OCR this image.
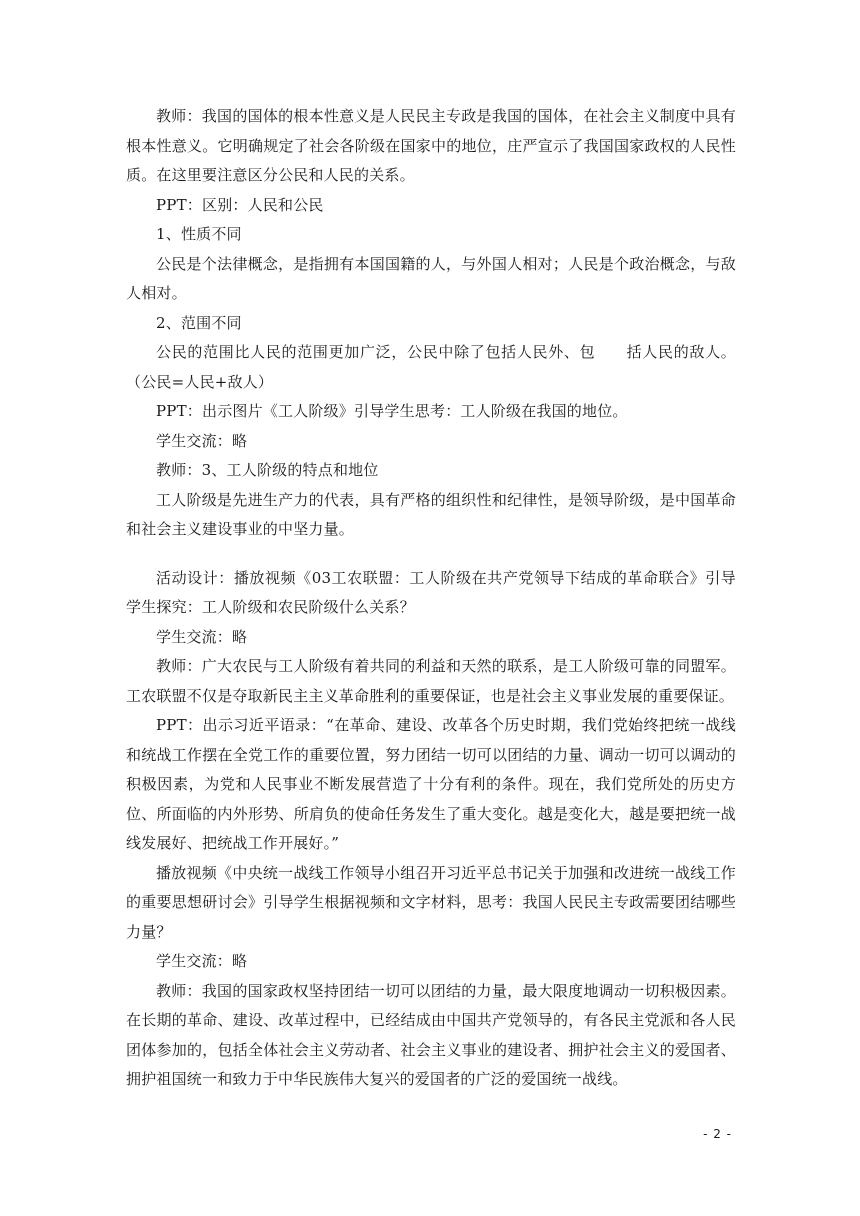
教师：我国的国体的根本性意义是人民民主专政是我国的国体，在社会主义制度中具有根本性意义。它明确规定了社会各阶级在国家中的地位，庄严宣示了我国国家政权的人民性质。在这里要注意区分公民和人民的关系。

PPT：区别：人民和公民

1、性质不同

公民是个法律概念，是指拥有本国国籍的人，与外国人相对；人民是个政治概念，与敌人相对。

2、范围不同

公民的范围比人民的范围更加广泛，公民中除了包括人民外、包　　括人民的敌人。（公民=人民+敌人）

PPT：出示图片《工人阶级》引导学生思考：工人阶级在我国的地位。

学生交流：略

教师：3、工人阶级的特点和地位

工人阶级是先进生产力的代表，具有严格的组织性和纪律性，是领导阶级，是中国革命和社会主义建设事业的中坚力量。

活动设计：播放视频《03工农联盟：工人阶级在共产党领导下结成的革命联合》引导学生探究：工人阶级和农民阶级什么关系？

学生交流：略

教师：广大农民与工人阶级有着共同的利益和天然的联系，是工人阶级可靠的同盟军。工农联盟不仅是夺取新民主主义革命胜利的重要保证，也是社会主义事业发展的重要保证。

PPT：出示习近平语录：“在革命、建设、改革各个历史时期，我们党始终把统一战线和统战工作摆在全党工作的重要位置，努力团结一切可以团结的力量、调动一切可以调动的积极因素，为党和人民事业不断发展营造了十分有利的条件。现在，我们党所处的历史方位、所面临的内外形势、所肩负的使命任务发生了重大变化。越是变化大，越是要把统一战线发展好、把统战工作开展好。”

播放视频《中央统一战线工作领导小组召开习近平总书记关于加强和改进统一战线工作的重要思想研讨会》引导学生根据视频和文字材料，思考：我国人民民主专政需要团结哪些力量？

学生交流：略

教师：我国的国家政权坚持团结一切可以团结的力量，最大限度地调动一切积极因素。在长期的革命、建设、改革过程中，已经结成由中国共产党领导的，有各民主党派和各人民团体参加的，包括全体社会主义劳动者、社会主义事业的建设者、拥护社会主义的爱国者、拥护祖国统一和致力于中华民族伟大复兴的爱国者的广泛的爱国统一战线。

- 2 -
